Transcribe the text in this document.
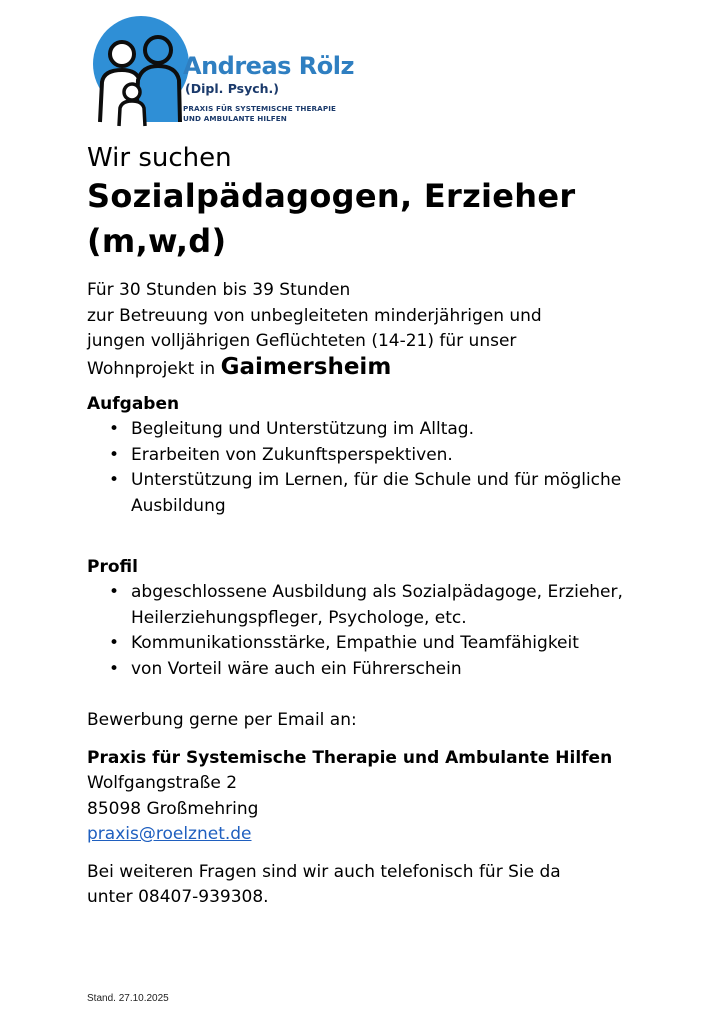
Andreas Rölz
(Dipl. Psych.)
PRAXIS FÜR SYSTEMISCHE THERAPIE
UND AMBULANTE HILFEN

Wir suchen

Sozialpädagogen, Erzieher

(m,w,d)

Für 30 Stunden bis 39 Stunden
zur Betreuung von unbegleiteten minderjährigen und
jungen volljährigen Geflüchteten (14-21) für unser
Wohnprojekt in Gaimersheim

Aufgaben

• Begleitung und Unterstützung im Alltag.
• Erarbeiten von Zukunftsperspektiven.
• Unterstützung im Lernen, für die Schule und für mögliche Ausbildung

Profil

• abgeschlossene Ausbildung als Sozialpädagoge, Erzieher, Heilerziehungspfleger, Psychologe, etc.
• Kommunikationsstärke, Empathie und Teamfähigkeit
• von Vorteil wäre auch ein Führerschein

Bewerbung gerne per Email an:

Praxis für Systemische Therapie und Ambulante Hilfen

Wolfgangstraße 2

85098 Großmehring

praxis@roelznet.de

Bei weiteren Fragen sind wir auch telefonisch für Sie da

unter 08407-939308.

Stand. 27.10.2025
